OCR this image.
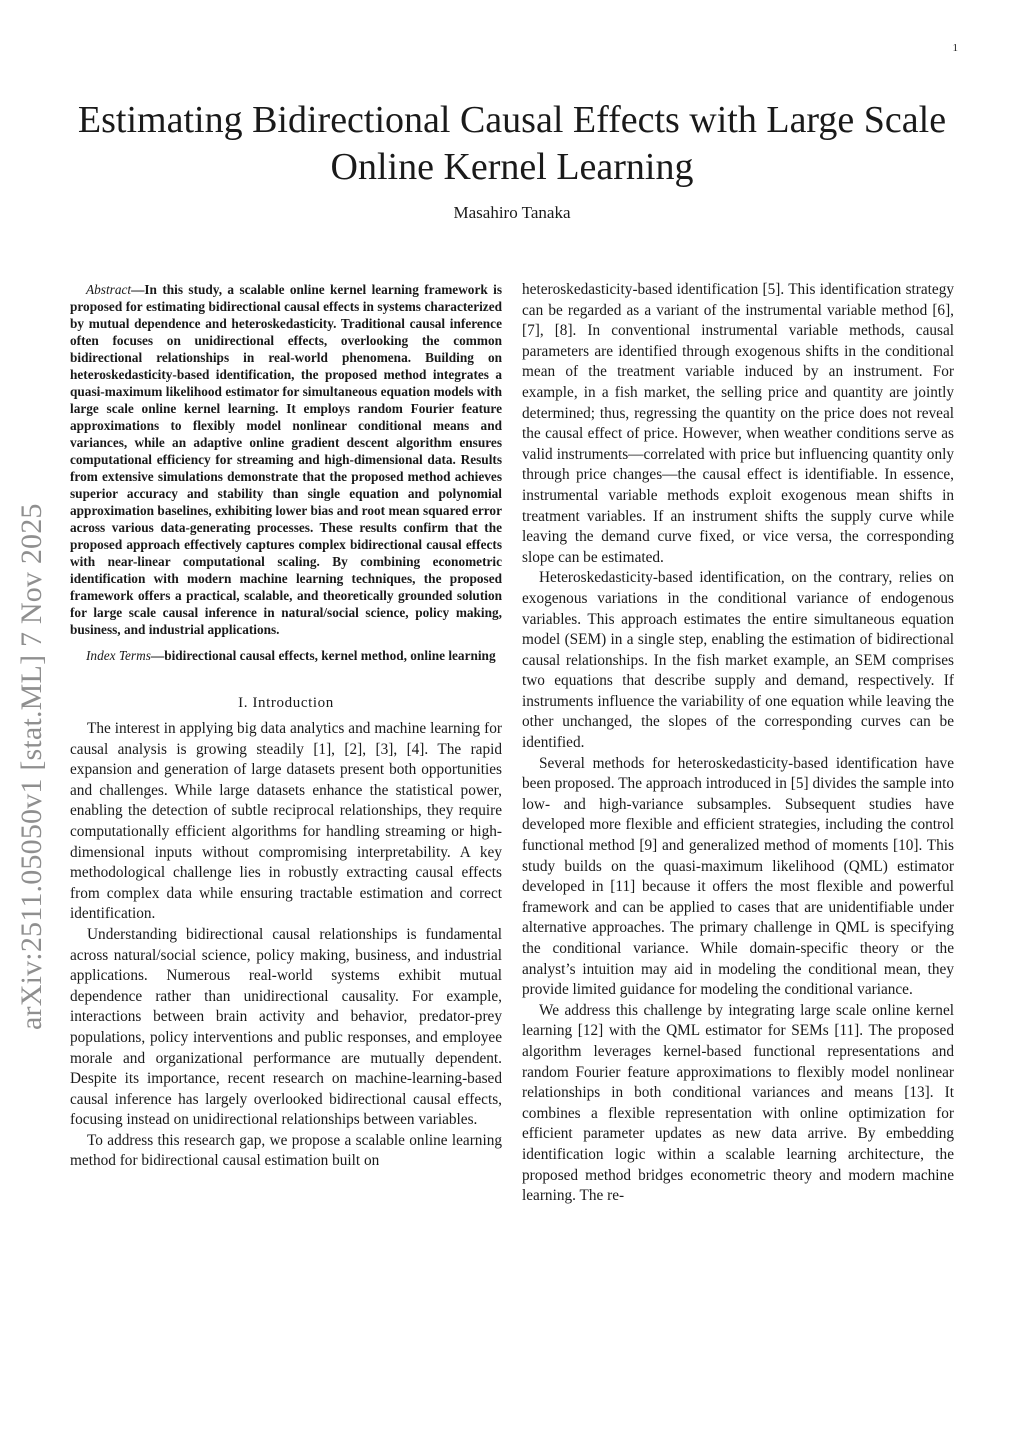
1
arXiv:2511.05050v1 [stat.ML] 7 Nov 2025
Estimating Bidirectional Causal Effects with Large Scale Online Kernel Learning
Masahiro Tanaka

Abstract—In this study, a scalable online kernel learning framework is proposed for estimating bidirectional causal effects in systems characterized by mutual dependence and heteroskedasticity. Traditional causal inference often focuses on unidirectional effects, overlooking the common bidirectional relationships in real-world phenomena. Building on heteroskedasticity-based identification, the proposed method integrates a quasi-maximum likelihood estimator for simultaneous equation models with large scale online kernel learning. It employs random Fourier feature approximations to flexibly model nonlinear conditional means and variances, while an adaptive online gradient descent algorithm ensures computational efficiency for streaming and high-dimensional data. Results from extensive simulations demonstrate that the proposed method achieves superior accuracy and stability than single equation and polynomial approximation baselines, exhibiting lower bias and root mean squared error across various data-generating processes. These results confirm that the proposed approach effectively captures complex bidirectional causal effects with near-linear computational scaling. By combining econometric identification with modern machine learning techniques, the proposed framework offers a practical, scalable, and theoretically grounded solution for large scale causal inference in natural/social science, policy making, business, and industrial applications.

Index Terms—bidirectional causal effects, kernel method, online learning

I. Introduction

The interest in applying big data analytics and machine learning for causal analysis is growing steadily [1], [2], [3], [4]. The rapid expansion and generation of large datasets present both opportunities and challenges. While large datasets enhance the statistical power, enabling the detection of subtle reciprocal relationships, they require computationally efficient algorithms for handling streaming or high-dimensional inputs without compromising interpretability. A key methodological challenge lies in robustly extracting causal effects from complex data while ensuring tractable estimation and correct identification.

Understanding bidirectional causal relationships is fundamental across natural/social science, policy making, business, and industrial applications. Numerous real-world systems exhibit mutual dependence rather than unidirectional causality. For example, interactions between brain activity and behavior, predator-prey populations, policy interventions and public responses, and employee morale and organizational performance are mutually dependent. Despite its importance, recent research on machine-learning-based causal inference has largely overlooked bidirectional causal effects, focusing instead on unidirectional relationships between variables.

To address this research gap, we propose a scalable online learning method for bidirectional causal estimation built on

heteroskedasticity-based identification [5]. This identification strategy can be regarded as a variant of the instrumental variable method [6], [7], [8]. In conventional instrumental variable methods, causal parameters are identified through exogenous shifts in the conditional mean of the treatment variable induced by an instrument. For example, in a fish market, the selling price and quantity are jointly determined; thus, regressing the quantity on the price does not reveal the causal effect of price. However, when weather conditions serve as valid instruments—correlated with price but influencing quantity only through price changes—the causal effect is identifiable. In essence, instrumental variable methods exploit exogenous mean shifts in treatment variables. If an instrument shifts the supply curve while leaving the demand curve fixed, or vice versa, the corresponding slope can be estimated.

Heteroskedasticity-based identification, on the contrary, relies on exogenous variations in the conditional variance of endogenous variables. This approach estimates the entire simultaneous equation model (SEM) in a single step, enabling the estimation of bidirectional causal relationships. In the fish market example, an SEM comprises two equations that describe supply and demand, respectively. If instruments influence the variability of one equation while leaving the other unchanged, the slopes of the corresponding curves can be identified.

Several methods for heteroskedasticity-based identification have been proposed. The approach introduced in [5] divides the sample into low- and high-variance subsamples. Subsequent studies have developed more flexible and efficient strategies, including the control functional method [9] and generalized method of moments [10]. This study builds on the quasi-maximum likelihood (QML) estimator developed in [11] because it offers the most flexible and powerful framework and can be applied to cases that are unidentifiable under alternative approaches. The primary challenge in QML is specifying the conditional variance. While domain-specific theory or the analyst’s intuition may aid in modeling the conditional mean, they provide limited guidance for modeling the conditional variance.

We address this challenge by integrating large scale online kernel learning [12] with the QML estimator for SEMs [11]. The proposed algorithm leverages kernel-based functional representations and random Fourier feature approximations to flexibly model nonlinear relationships in both conditional variances and means [13]. It combines a flexible representation with online optimization for efficient parameter updates as new data arrive. By embedding identification logic within a scalable learning architecture, the proposed method bridges econometric theory and modern machine learning. The re-
